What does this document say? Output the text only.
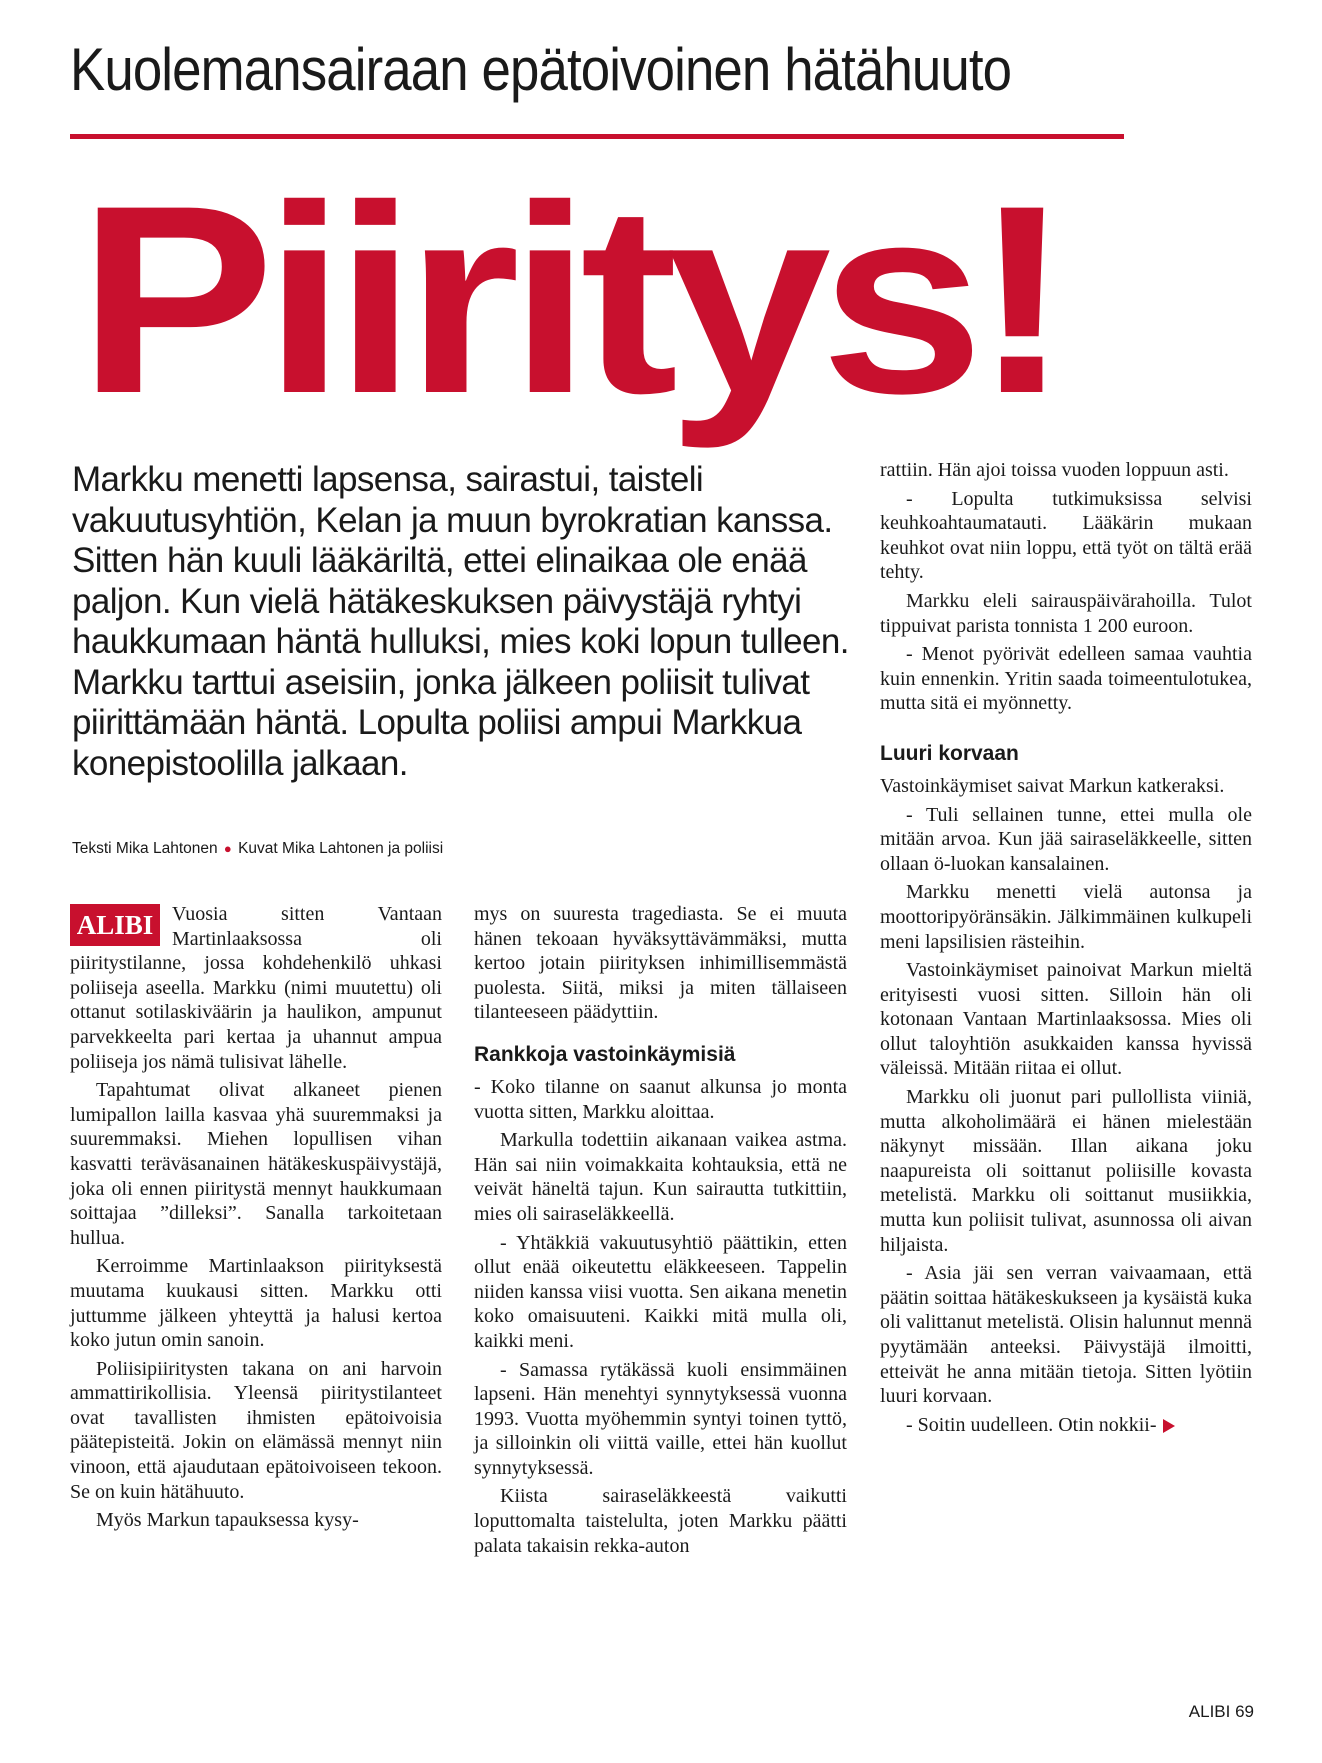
Kuolemansairaan epätoivoinen hätähuuto
Piiritys!
Markku menetti lapsensa, sairastui, taisteli vakuutusyhtiön, Kelan ja muun byrokratian kanssa. Sitten hän kuuli lääkäriltä, ettei elinaikaa ole enää paljon. Kun vielä hätäkeskuksen päivystäjä ryhtyi haukkumaan häntä hulluksi, mies koki lopun tulleen. Markku tarttui aseisiin, jonka jälkeen poliisit tulivat piirittämään häntä. Lopulta poliisi ampui Markkua konepistoolilla jalkaan.
Teksti Mika Lahtonen ● Kuvat Mika Lahtonen ja poliisi

ALIBI Vuosia sitten Vantaan Martinlaaksossa oli piiritystilanne, jossa kohdehenkilö uhkasi poliiseja aseella. Markku (nimi muutettu) oli ottanut sotilaskiväärin ja haulikon, ampunut parvekkeelta pari kertaa ja uhannut ampua poliiseja jos nämä tulisivat lähelle.

Tapahtumat olivat alkaneet pienen lumipallon lailla kasvaa yhä suuremmaksi ja suuremmaksi. Miehen lopullisen vihan kasvatti teräväsanainen hätäkeskuspäivystäjä, joka oli ennen piiritystä mennyt haukkumaan soittajaa ”dilleksi”. Sanalla tarkoitetaan hullua.

Kerroimme Martinlaakson piirityksestä muutama kuukausi sitten. Markku otti juttumme jälkeen yhteyttä ja halusi kertoa koko jutun omin sanoin.

Poliisipiiritysten takana on ani harvoin ammattirikollisia. Yleensä piiritystilanteet ovat tavallisten ihmisten epätoivoisia päätepisteitä. Jokin on elämässä mennyt niin vinoon, että ajaudutaan epätoivoiseen tekoon. Se on kuin hätähuuto.

Myös Markun tapauksessa kysy-

mys on suuresta tragediasta. Se ei muuta hänen tekoaan hyväksyttävämmäksi, mutta kertoo jotain piirityksen inhimillisemmästä puolesta. Siitä, miksi ja miten tällaiseen tilanteeseen päädyttiin.

Rankkoja vastoinkäymisiä

- Koko tilanne on saanut alkunsa jo monta vuotta sitten, Markku aloittaa.

Markulla todettiin aikanaan vaikea astma. Hän sai niin voimakkaita kohtauksia, että ne veivät häneltä tajun. Kun sairautta tutkittiin, mies oli sairaseläkkeellä.

- Yhtäkkiä vakuutusyhtiö päättikin, etten ollut enää oikeutettu eläkkeeseen. Tappelin niiden kanssa viisi vuotta. Sen aikana menetin koko omaisuuteni. Kaikki mitä mulla oli, kaikki meni.

- Samassa rytäkässä kuoli ensimmäinen lapseni. Hän menehtyi synnytyksessä vuonna 1993. Vuotta myöhemmin syntyi toinen tyttö, ja silloinkin oli viittä vaille, ettei hän kuollut synnytyksessä.

Kiista sairaseläkkeestä vaikutti loputtomalta taistelulta, joten Markku päätti palata takaisin rekka-auton

rattiin. Hän ajoi toissa vuoden loppuun asti.

- Lopulta tutkimuksissa selvisi keuhkoahtaumatauti. Lääkärin mukaan keuhkot ovat niin loppu, että työt on tältä erää tehty.

Markku eleli sairauspäivärahoilla. Tulot tippuivat parista tonnista 1 200 euroon.

- Menot pyörivät edelleen samaa vauhtia kuin ennenkin. Yritin saada toimeentulotukea, mutta sitä ei myönnetty.

Luuri korvaan

Vastoinkäymiset saivat Markun katkeraksi.

- Tuli sellainen tunne, ettei mulla ole mitään arvoa. Kun jää sairaseläkkeelle, sitten ollaan ö-luokan kansalainen.

Markku menetti vielä autonsa ja moottoripyöränsäkin. Jälkimmäinen kulkupeli meni lapsilisien rästeihin.

Vastoinkäymiset painoivat Markun mieltä erityisesti vuosi sitten. Silloin hän oli kotonaan Vantaan Martinlaaksossa. Mies oli ollut taloyhtiön asukkaiden kanssa hyvissä väleissä. Mitään riitaa ei ollut.

Markku oli juonut pari pullollista viiniä, mutta alkoholimäärä ei hänen mielestään näkynyt missään. Illan aikana joku naapureista oli soittanut poliisille kovasta metelistä. Markku oli soittanut musiikkia, mutta kun poliisit tulivat, asunnossa oli aivan hiljaista.

- Asia jäi sen verran vaivaamaan, että päätin soittaa hätäkeskukseen ja kysäistä kuka oli valittanut metelistä. Olisin halunnut mennä pyytämään anteeksi. Päivystäjä ilmoitti, etteivät he anna mitään tietoja. Sitten lyötiin luuri korvaan.

- Soitin uudelleen. Otin nokkii-

ALIBI 69
